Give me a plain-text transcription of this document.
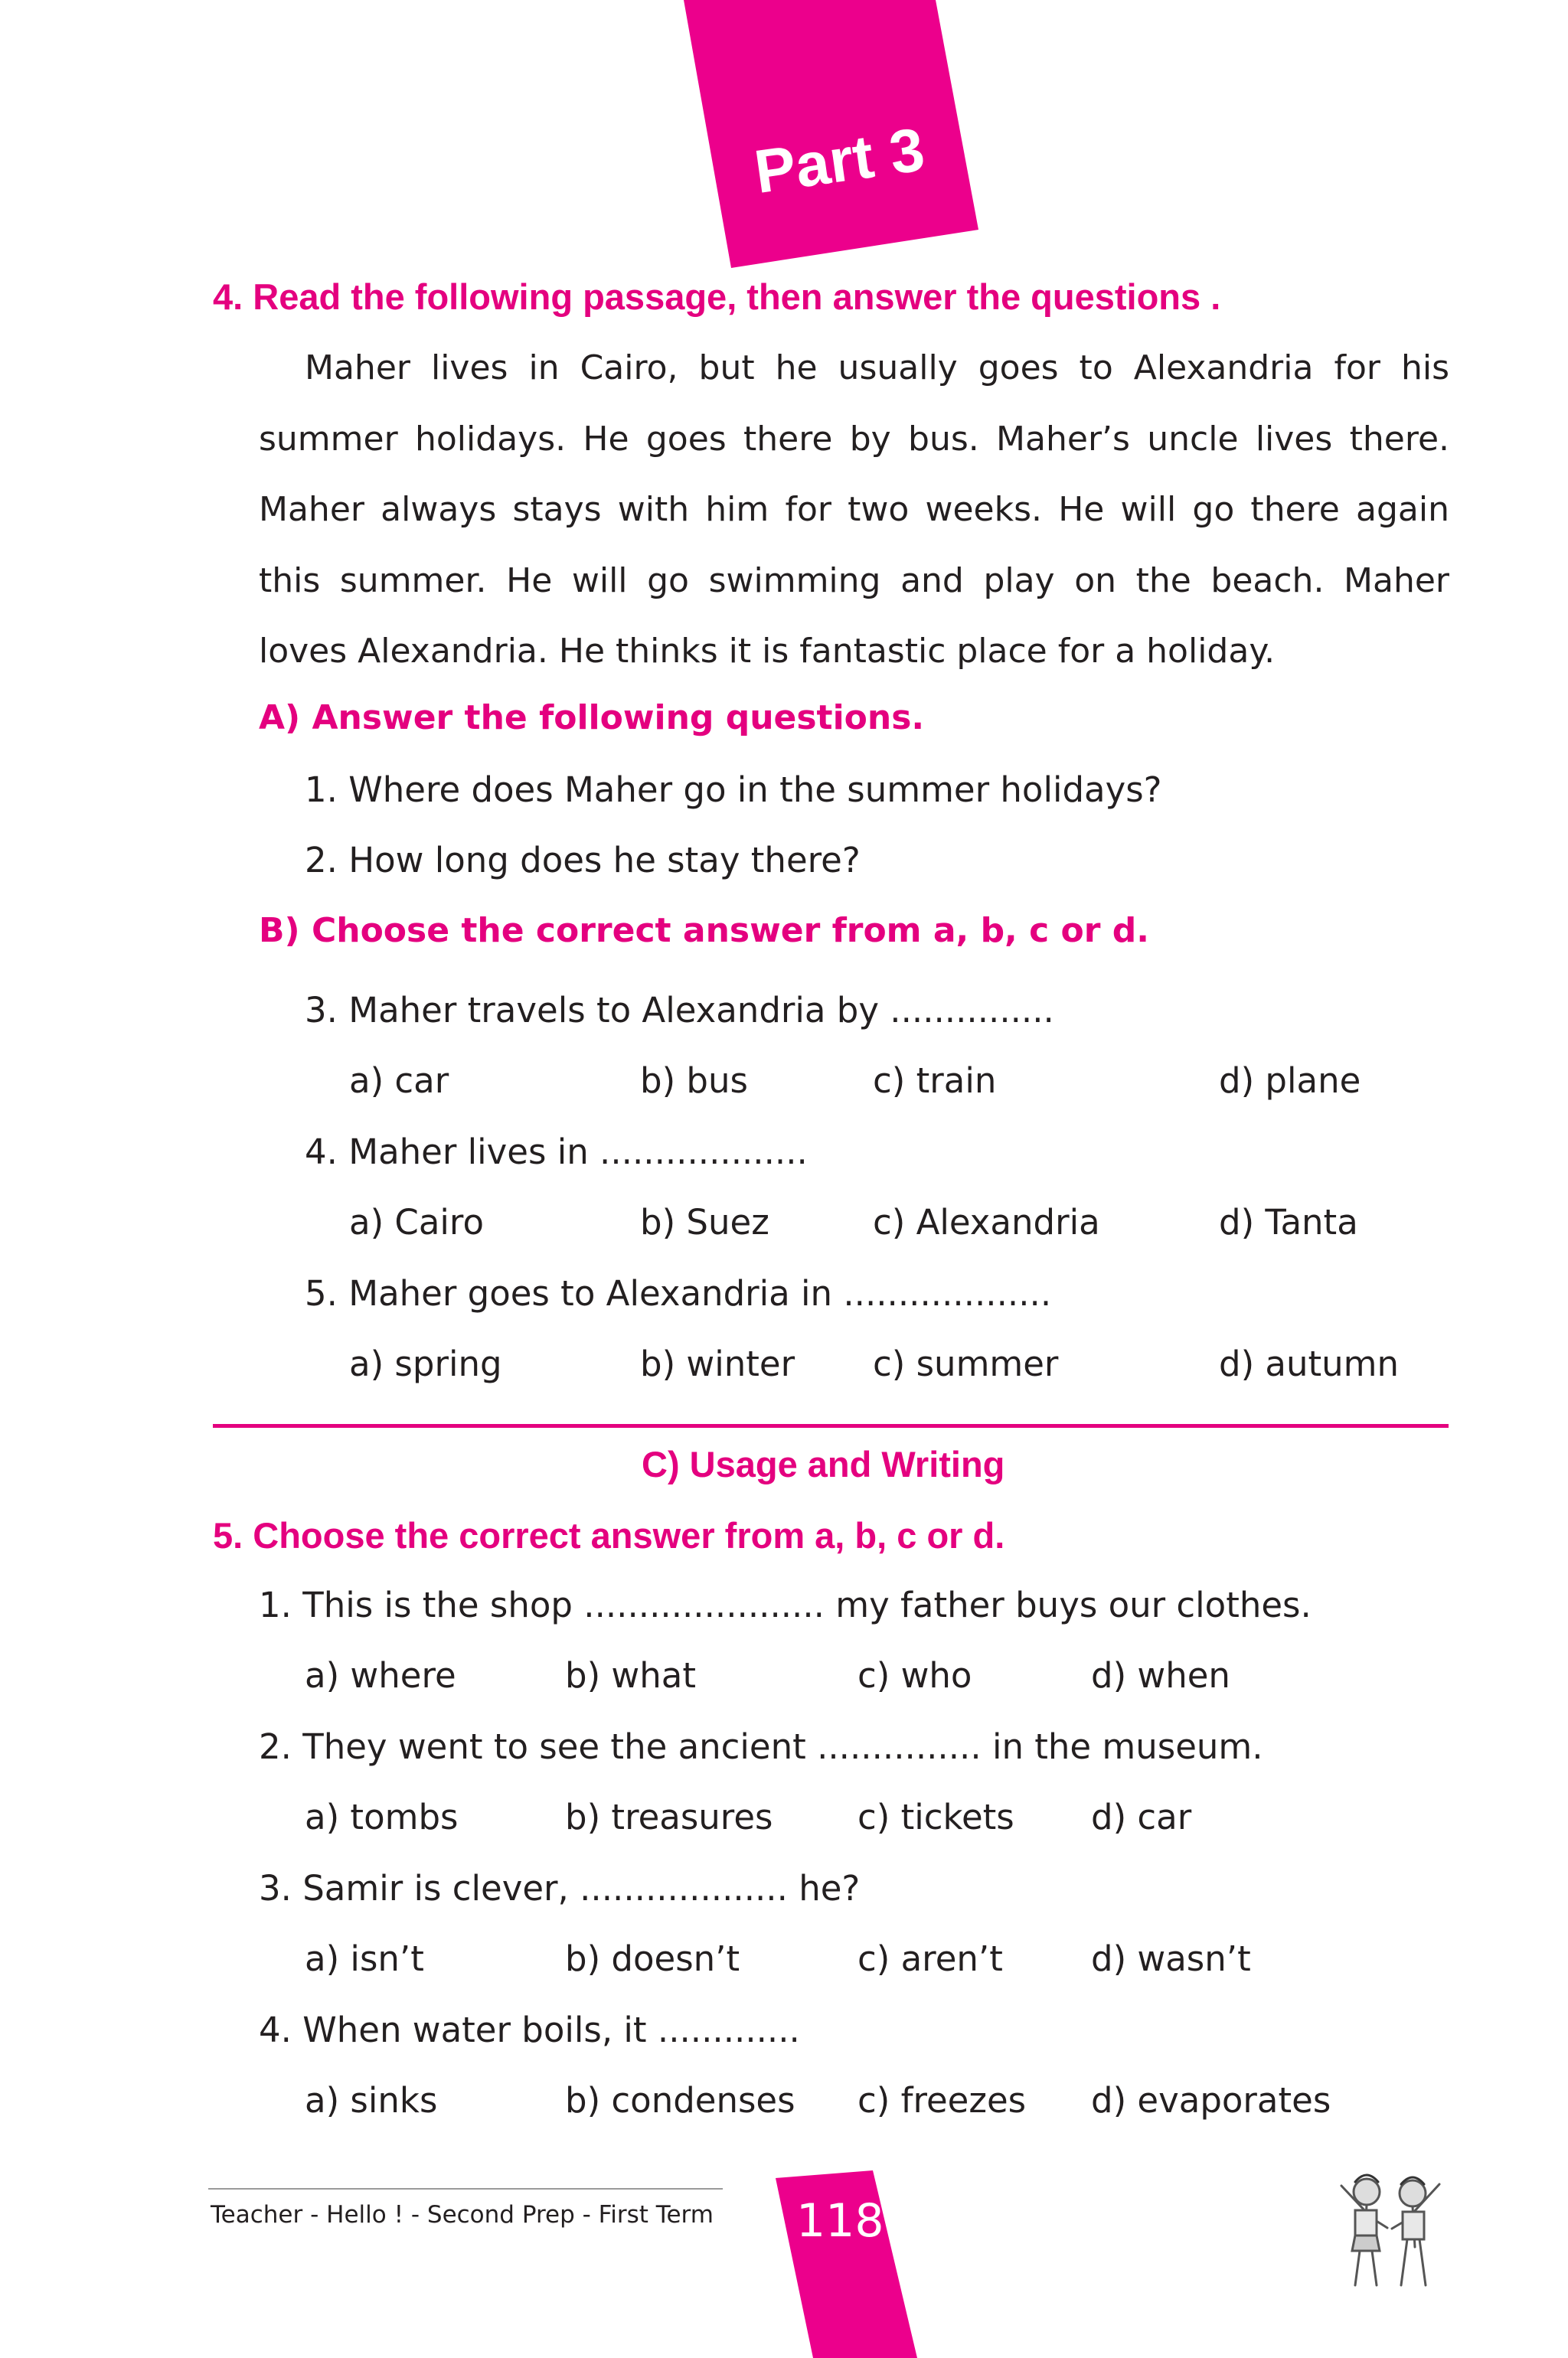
Part 3
4. Read the following passage, then answer the questions .
Maher lives in Cairo, but he usually goes to Alexandria for his summer holidays. He goes there by bus. Maher’s uncle lives there. Maher always stays with him for two weeks. He will go there again this summer. He will go swimming and play on the beach. Maher loves Alexandria. He thinks it is fantastic place for a holiday.
A) Answer the following questions.
1. Where does Maher go in the summer holidays?
2. How long does he stay there?
B) Choose the correct answer from a, b, c or d.
3. Maher travels to Alexandria by ...............
a) car	b) bus	c) train	d) plane
4. Maher lives in ...................
a) Cairo	b) Suez	c) Alexandria	d) Tanta
5. Maher goes to Alexandria in ...................
a) spring	b) winter c) summer	d) autumn
C) Usage and Writing
5. Choose the correct answer from a, b, c or d.
1. This is the shop ...................... my father buys our clothes.
a) where	b) what	c) who	d) when
2. They went to see the ancient ............... in the museum.
a) tombs	b) treasures c) tickets d) car
3. Samir is clever, ................... he?
a) isn’t	b) doesn’t	c) aren’t	d) wasn’t
4. When water boils, it .............
a) sinks	b) condenses c) freezes d) evaporates
Teacher - Hello ! - Second Prep - First Term 118
